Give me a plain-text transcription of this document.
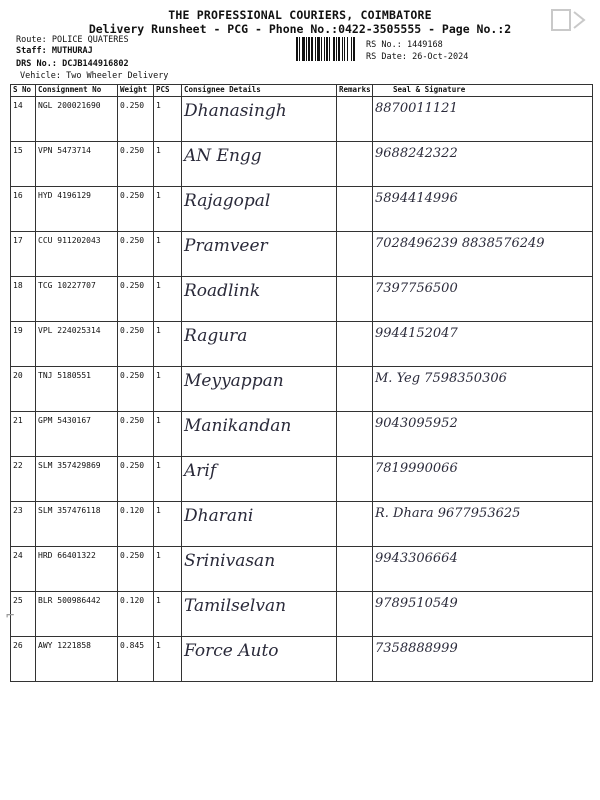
THE PROFESSIONAL COURIERS, COIMBATORE
Delivery Runsheet - PCG - Phone No.:0422-3505555 - Page No.:2
Route: POLICE QUATERES
Staff: MUTHURAJ
DRS No.: DCJB144916802
Vehicle: Two Wheeler Delivery
RS No.: 1449168
RS Date: 26-Oct-2024
S No	Consignment No	Weight	PCS	Consignee Details	Remarks	Seal & Signature
14	NGL 200021690	0.250	1	Dhanasingh		8870011121
15	VPN 5473714	0.250	1	AN Engg		9688242322
16	HYD 4196129	0.250	1	Rajagopal		5894414996
17	CCU 911202043	0.250	1	Pramveer		7028496239 8838576249
18	TCG 10227707	0.250	1	Roadlink		7397756500
19	VPL 224025314	0.250	1	Ragura		9944152047
20	TNJ 5180551	0.250	1	Meyyappan		M. Yeg 7598350306
21	GPM 5430167	0.250	1	Manikandan		9043095952
22	SLM 357429869	0.250	1	Arif		7819990066
23	SLM 357476118	0.120	1	Dharani		R. Dhara 9677953625
24	HRD 66401322	0.250	1	Srinivasan		9943306664
25	BLR 500986442	0.120	1	Tamilselvan		9789510549
26	AWY 1221858	0.845	1	Force Auto		7358888999
⌐
